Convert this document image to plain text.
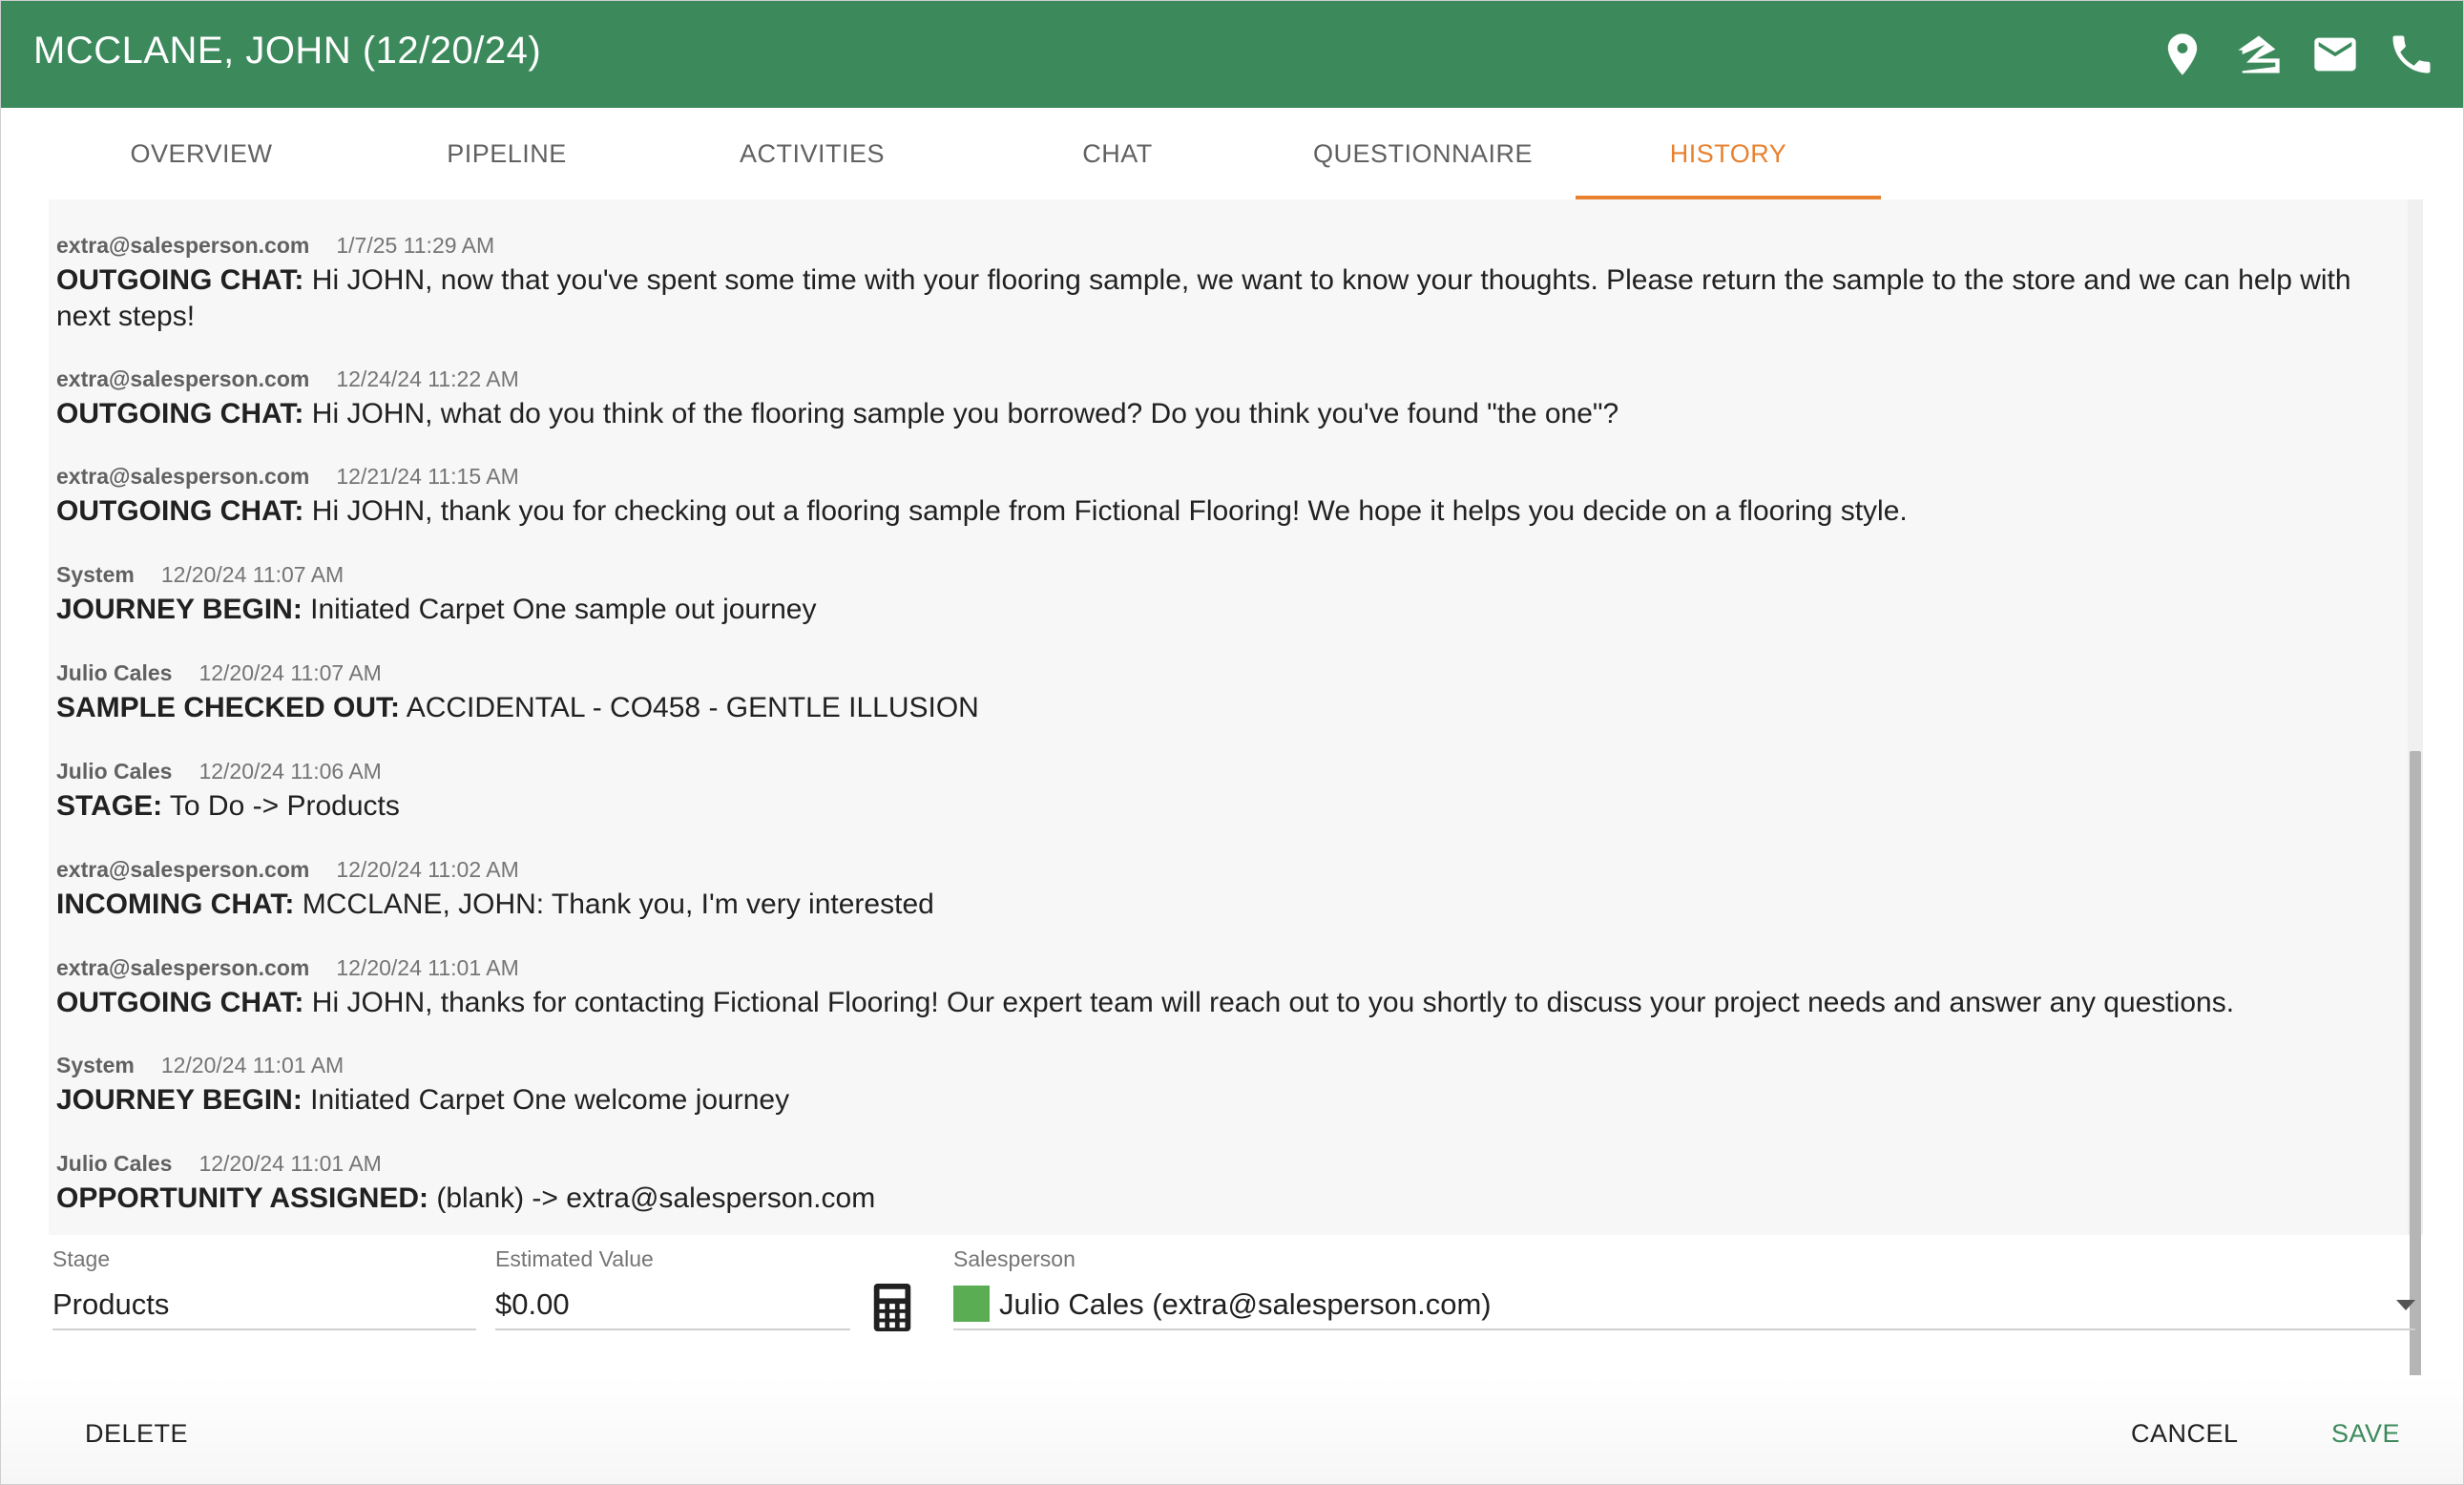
MCCLANE, JOHN (12/20/24)
OVERVIEW	PIPELINE	ACTIVITIES	CHAT	QUESTIONNAIRE	HISTORY
extra@salesperson.com 1/7/25 11:29 AM
OUTGOING CHAT: Hi JOHN, now that you've spent some time with your flooring sample, we want to know your thoughts. Please return the sample to the store and we can help with next steps!
extra@salesperson.com 12/24/24 11:22 AM
OUTGOING CHAT: Hi JOHN, what do you think of the flooring sample you borrowed? Do you think you've found "the one"?
extra@salesperson.com 12/21/24 11:15 AM
OUTGOING CHAT: Hi JOHN, thank you for checking out a flooring sample from Fictional Flooring! We hope it helps you decide on a flooring style.
System 12/20/24 11:07 AM
JOURNEY BEGIN: Initiated Carpet One sample out journey
Julio Cales 12/20/24 11:07 AM
SAMPLE CHECKED OUT: ACCIDENTAL - CO458 - GENTLE ILLUSION
Julio Cales 12/20/24 11:06 AM
STAGE: To Do -> Products
extra@salesperson.com 12/20/24 11:02 AM
INCOMING CHAT: MCCLANE, JOHN: Thank you, I'm very interested
extra@salesperson.com 12/20/24 11:01 AM
OUTGOING CHAT: Hi JOHN, thanks for contacting Fictional Flooring! Our expert team will reach out to you shortly to discuss your project needs and answer any questions.
System 12/20/24 11:01 AM
JOURNEY BEGIN: Initiated Carpet One welcome journey
Julio Cales 12/20/24 11:01 AM
OPPORTUNITY ASSIGNED: (blank) -> extra@salesperson.com
Stage
Products
Estimated Value
$0.00
Salesperson
Julio Cales (extra@salesperson.com)
DELETE	CANCEL	SAVE
